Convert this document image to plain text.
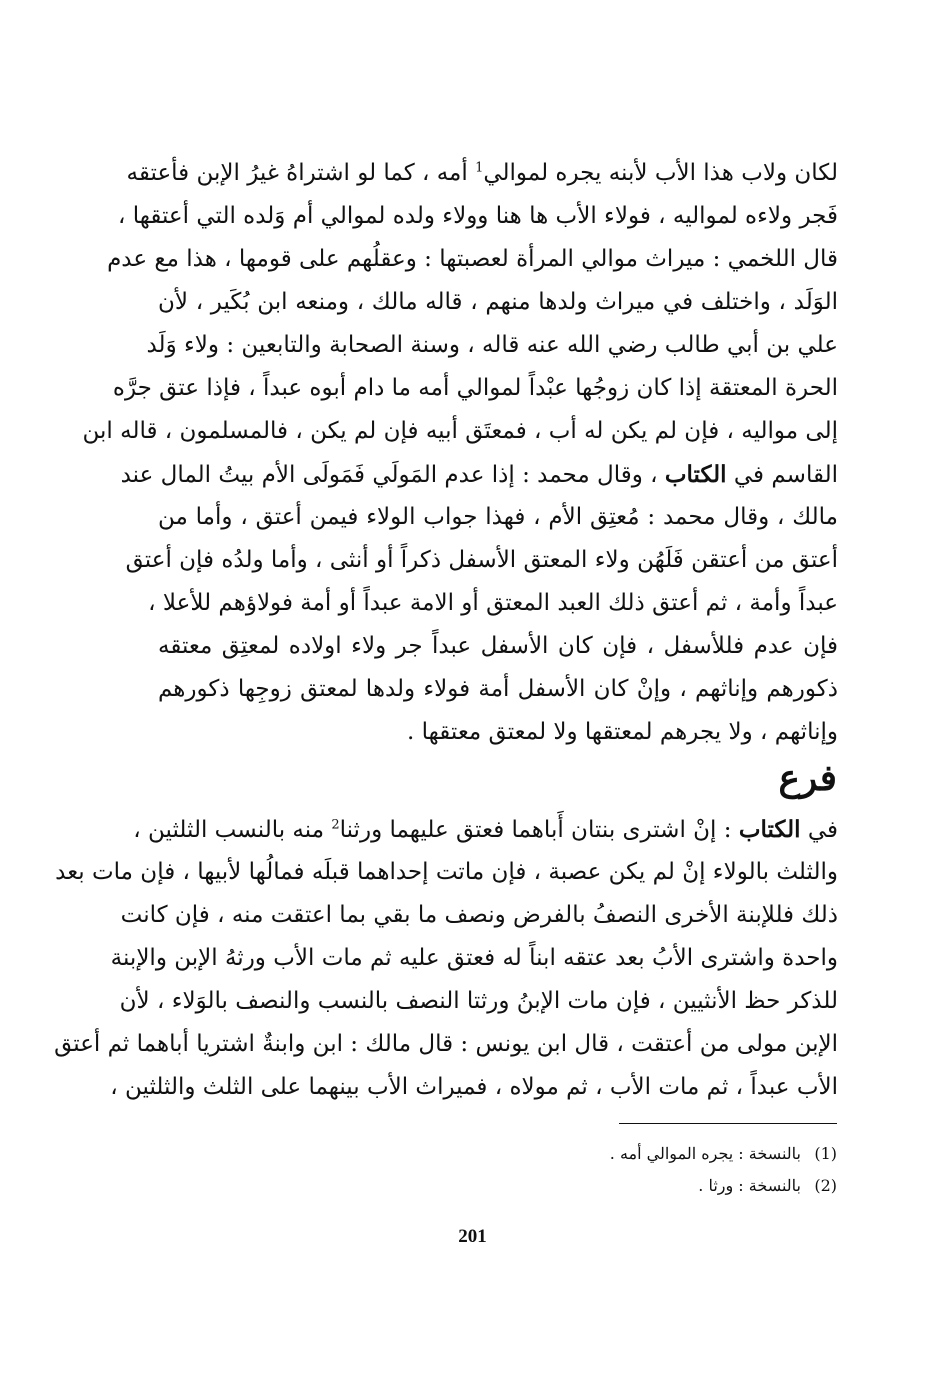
لكان ولاب هذا الأب لأبنه يجره لموالي$^1$ أمه ، كما لو اشتراهُ غيرُ الإبن فأعتقه
فَجر ولاءه لمواليه ، فولاء الأب ها هنا وولاء ولده لموالي أم وَلده التي أعتقها ،
قال اللخمي : ميراث موالي المرأة لعصبتها : وعقلُهم على قومها ، هذا مع عدم
الوَلَد ، واختلف في ميراث ولدها منهم ، قاله مالك ، ومنعه ابن بُكَير ، لأن
علي بن أبي طالب رضي الله عنه قاله ، وسنة الصحابة والتابعين : ولاء وَلَد
الحرة المعتقة إذا كان زوجُها عبْداً لموالي أمه ما دام أبوه عبداً ، فإذا عتق جرَّه
إلى مواليه ، فإن لم يكن له أب ، فمعتَق أبيه فإن لم يكن ، فالمسلمون ، قاله ابن
القاسم في الكتاب ، وقال محمد : إذا عدم المَولَي فَمَولَى الأم بيتُ المال عند
مالك ، وقال محمد : مُعتِق الأم ، فهذا جواب الولاء فيمن أعتق ، وأما من
أعتق من أعتقن فَلَهُن ولاء المعتق الأسفل ذكراً أو أنثى ، وأما ولدُه فإن أعتق
عبداً وأمة ، ثم أعتق ذلك العبد المعتق أو الامة عبداً أو أمة فولاؤهم للأعلا ،
فإن عدم فللأسفل ، فإن كان الأسفل عبداً جر ولاء اولاده لمعتِق معتقه
ذكورهم وإناثهم ، وإنْ كان الأسفل أمة فولاء ولدها لمعتق زوجِها ذكورهم
وإناثهم ، ولا يجرهم لمعتقها ولا لمعتق معتقها .
فرع
في الكتاب : إنْ اشترى بنتان أَباهما فعتق عليهما ورثنا$^2$ منه بالنسب الثلثين ،
والثلث بالولاء إنْ لم يكن عصبة ، فإن ماتت إحداهما قبلَه فمالُها لأبيها ، فإن مات بعد
ذلك فللإبنة الأخرى النصفُ بالفرض ونصف ما بقي بما اعتقت منه ، فإن كانت
واحدة واشترى الأبُ بعد عتقه ابناً له فعتق عليه ثم مات الأب ورثهُ الإبن والإبنة
للذكر حظ الأنثيين ، فإن مات الإبنُ ورثتا النصف بالنسب والنصف بالوَلاء ، لأن
الإبن مولى من أعتقت ، قال ابن يونس : قال مالك : ابن وابنةٌ اشتريا أباهما ثم أعتق
الأب عبداً ، ثم مات الأب ، ثم مولاه ، فميراث الأب بينهما على الثلث والثلثين ،
(1)بالنسخة : يجره الموالي أمه .
(2)بالنسخة : ورثا .
201
